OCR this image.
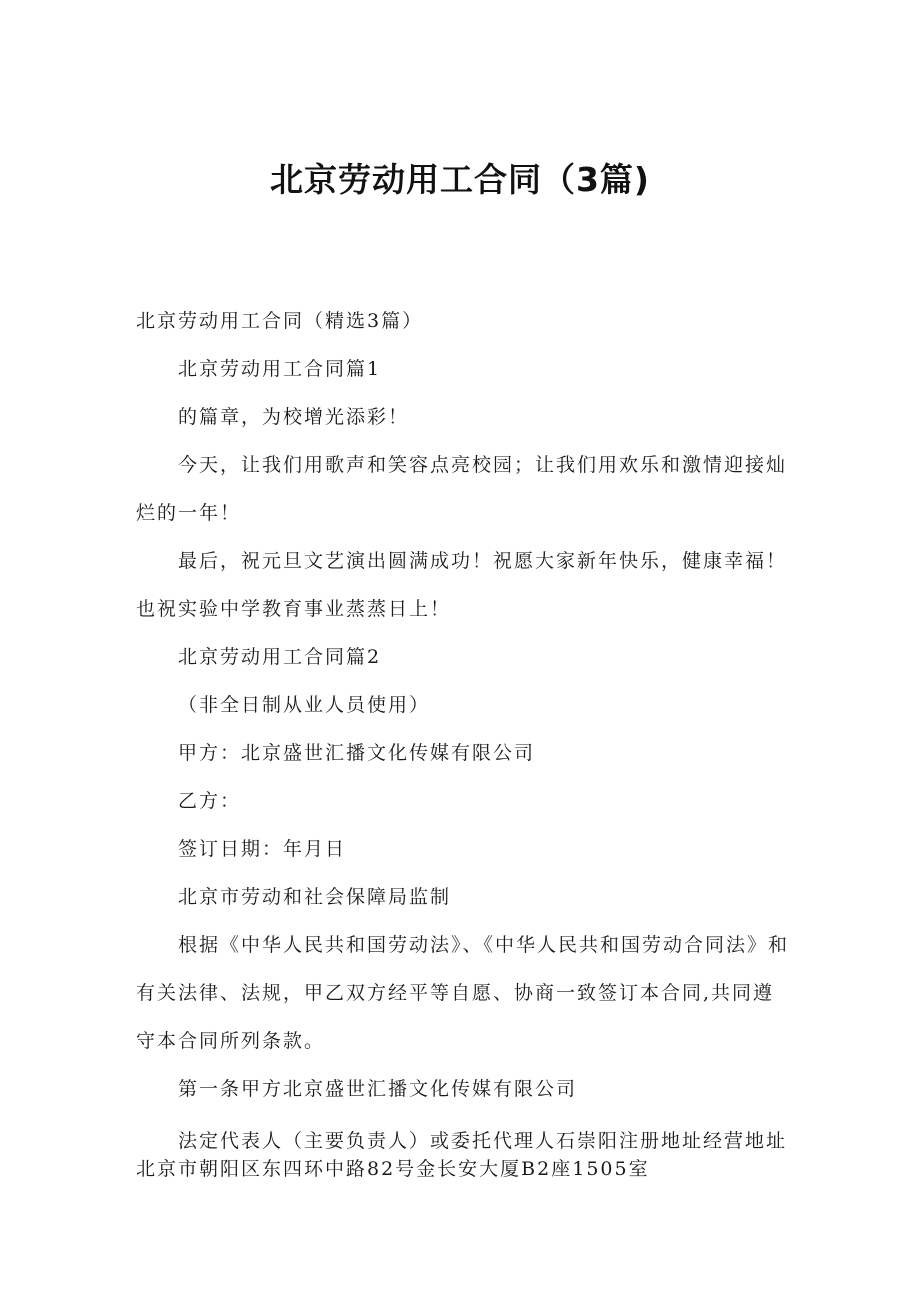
北京劳动用工合同（3篇)
北京劳动用工合同（精选3篇）
北京劳动用工合同篇1
的篇章，为校增光添彩！
今天，让我们用歌声和笑容点亮校园；让我们用欢乐和激情迎接灿烂的一年！
最后，祝元旦文艺演出圆满成功！祝愿大家新年快乐，健康幸福！也祝实验中学教育事业蒸蒸日上！
北京劳动用工合同篇2
（非全日制从业人员使用）
甲方：北京盛世汇播文化传媒有限公司
乙方：
签订日期：年月日
北京市劳动和社会保障局监制
根据《中华人民共和国劳动法》、《中华人民共和国劳动合同法》和有关法律、法规，甲乙双方经平等自愿、协商一致签订本合同,共同遵守本合同所列条款。
第一条甲方北京盛世汇播文化传媒有限公司
法定代表人（主要负责人）或委托代理人石崇阳注册地址经营地址北京市朝阳区东四环中路82号金长安大厦B2座1505室
